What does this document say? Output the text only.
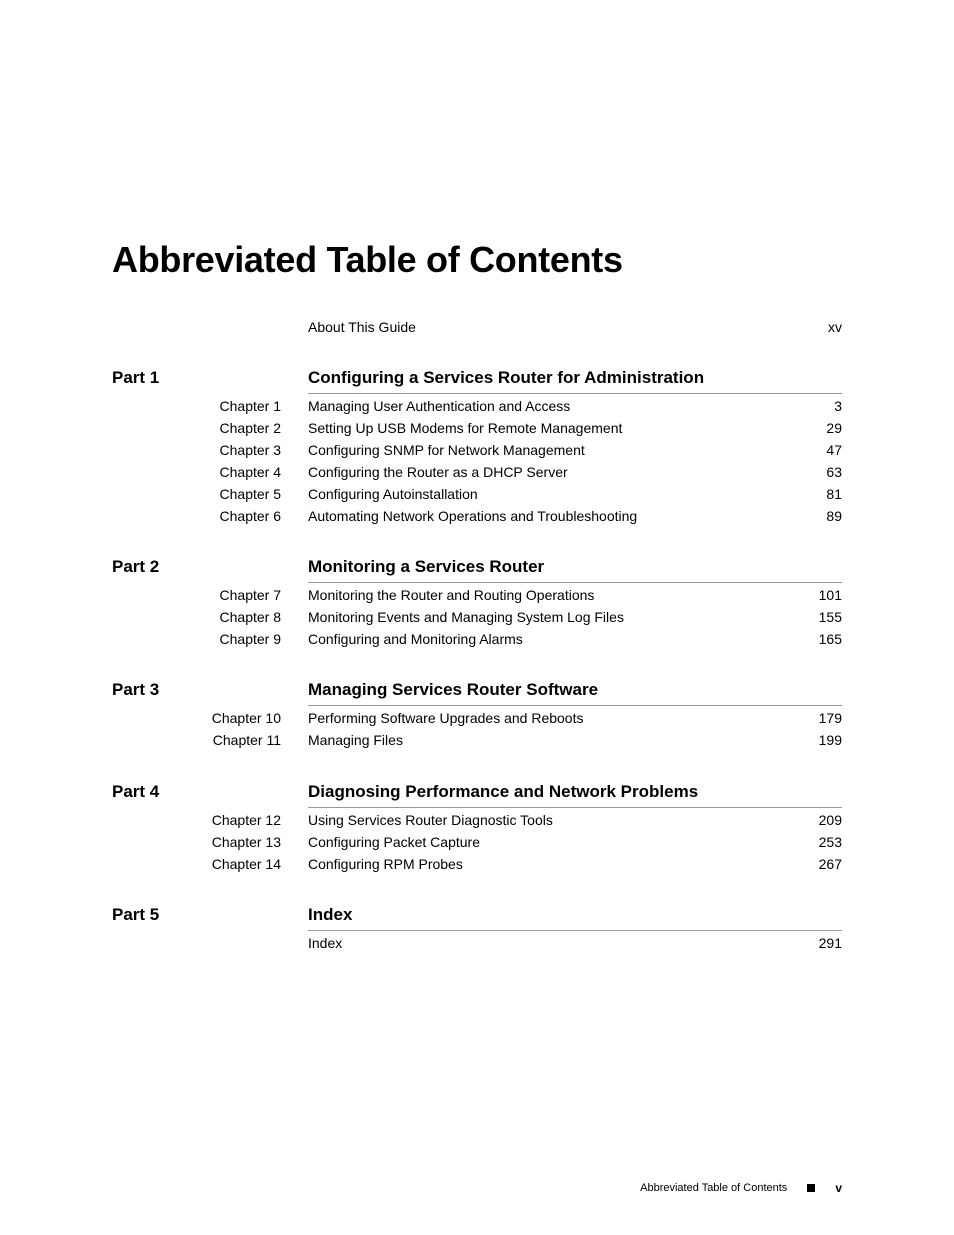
Abbreviated Table of Contents
About This Guide	xv
Part 1	Configuring a Services Router for Administration
Chapter 1 Managing User Authentication and Access	3
Chapter 2 Setting Up USB Modems for Remote Management	29
Chapter 3 Configuring SNMP for Network Management	47
Chapter 4 Configuring the Router as a DHCP Server	63
Chapter 5 Configuring Autoinstallation	81
Chapter 6 Automating Network Operations and Troubleshooting	89
Part 2	Monitoring a Services Router
Chapter 7 Monitoring the Router and Routing Operations	101
Chapter 8 Monitoring Events and Managing System Log Files	155
Chapter 9 Configuring and Monitoring Alarms	165
Part 3	Managing Services Router Software
Chapter 10 Performing Software Upgrades and Reboots	179
Chapter 11 Managing Files	199
Part 4	Diagnosing Performance and Network Problems
Chapter 12 Using Services Router Diagnostic Tools	209
Chapter 13 Configuring Packet Capture	253
Chapter 14 Configuring RPM Probes	267
Part 5	Index
Index	291
Abbreviated Table of Contents	v
